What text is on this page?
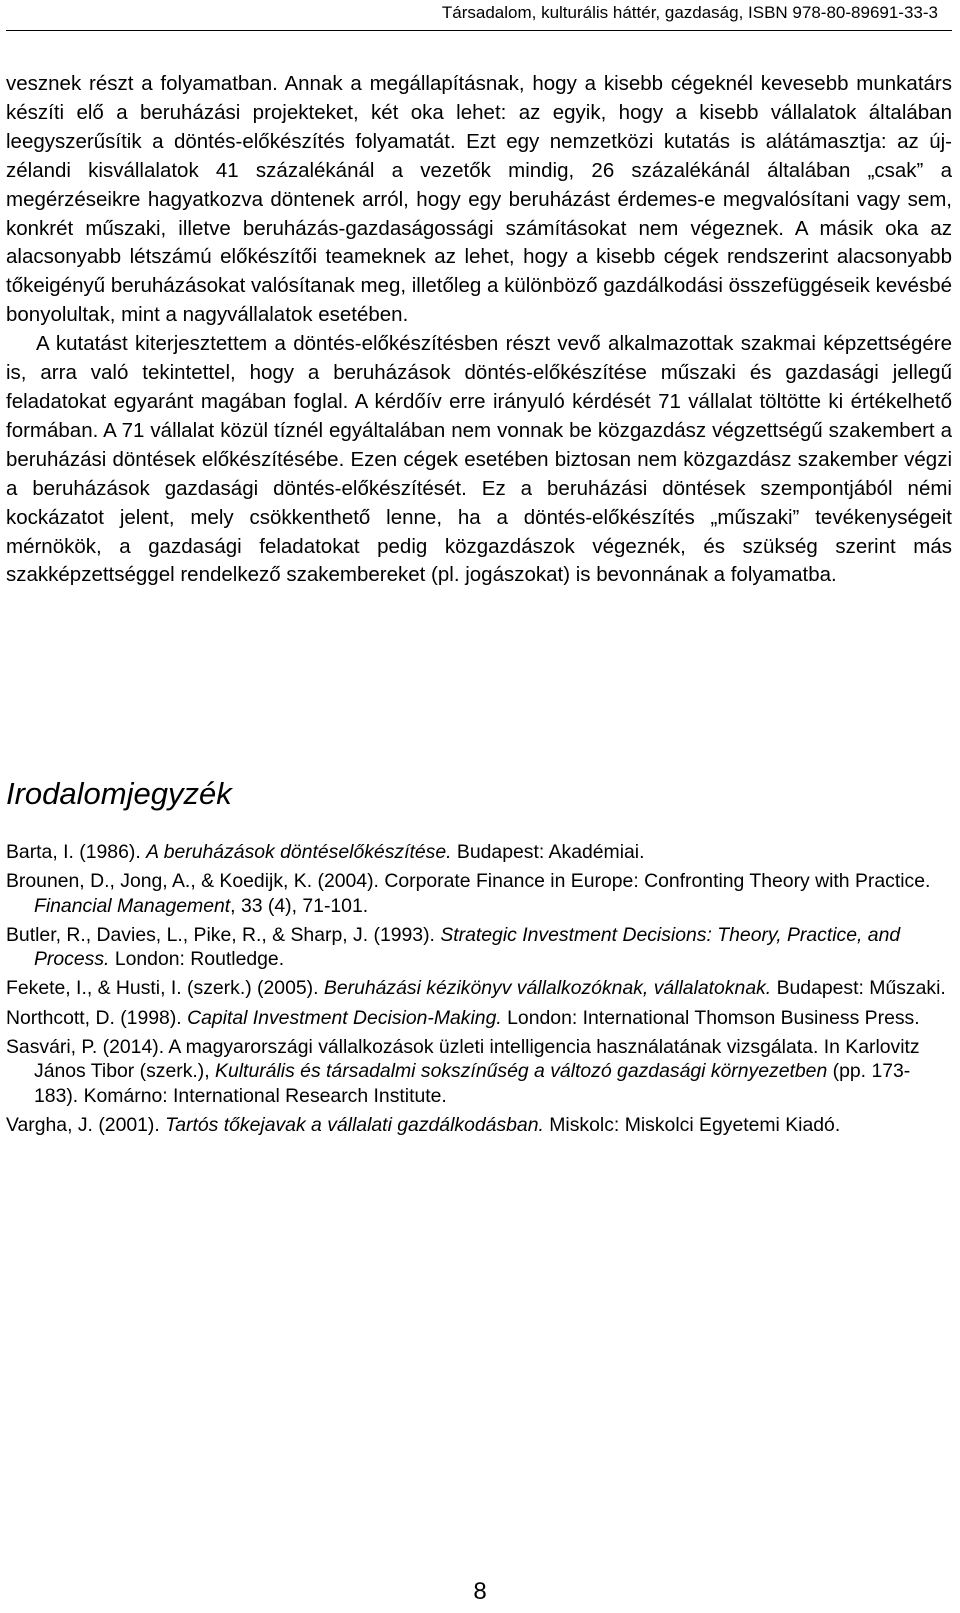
Társadalom, kulturális háttér, gazdaság, ISBN 978-80-89691-33-3

vesznek részt a folyamatban. Annak a megállapításnak, hogy a kisebb cégeknél kevesebb munkatárs készíti elő a beruházási projekteket, két oka lehet: az egyik, hogy a kisebb vállalatok általában leegyszerűsítik a döntés-előkészítés folyamatát. Ezt egy nemzetközi kutatás is alátámasztja: az új-zélandi kisvállalatok 41 százalékánál a vezetők mindig, 26 százalékánál általában „csak” a megérzéseikre hagyatkozva döntenek arról, hogy egy beruházást érdemes-e megvalósítani vagy sem, konkrét műszaki, illetve beruházás-gazdaságossági számításokat nem végeznek. A másik oka az alacsonyabb létszámú előkészítői teameknek az lehet, hogy a kisebb cégek rendszerint alacsonyabb tőkeigényű beruházásokat valósítanak meg, illetőleg a különböző gazdálkodási összefüggéseik kevésbé bonyolultak, mint a nagyvállalatok esetében.

A kutatást kiterjesztettem a döntés-előkészítésben részt vevő alkalmazottak szakmai képzettségére is, arra való tekintettel, hogy a beruházások döntés-előkészítése műszaki és gazdasági jellegű feladatokat egyaránt magában foglal. A kérdőív erre irányuló kérdését 71 vállalat töltötte ki értékelhető formában. A 71 vállalat közül tíznél egyáltalában nem vonnak be közgazdász végzettségű szakembert a beruházási döntések előkészítésébe. Ezen cégek esetében biztosan nem közgazdász szakember végzi a beruházások gazdasági döntés-előkészítését. Ez a beruházási döntések szempontjából némi kockázatot jelent, mely csökkenthető lenne, ha a döntés-előkészítés „műszaki” tevékenységeit mérnökök, a gazdasági feladatokat pedig közgazdászok végeznék, és szükség szerint más szakképzettséggel rendelkező szakembereket (pl. jogászokat) is bevonnának a folyamatba.

Irodalomjegyzék

Barta, I. (1986). A beruházások döntéselőkészítése. Budapest: Akadémiai.

Brounen, D., Jong, A., & Koedijk, K. (2004). Corporate Finance in Europe: Confronting Theory with Practice. Financial Management, 33 (4), 71-101.

Butler, R., Davies, L., Pike, R., & Sharp, J. (1993). Strategic Investment Decisions: Theory, Practice, and Process. London: Routledge.

Fekete, I., & Husti, I. (szerk.) (2005). Beruházási kézikönyv vállalkozóknak, vállalatoknak. Budapest: Műszaki.

Northcott, D. (1998). Capital Investment Decision-Making. London: International Thomson Business Press.

Sasvári, P. (2014). A magyarországi vállalkozások üzleti intelligencia használatának vizsgálata. In Karlovitz János Tibor (szerk.), Kulturális és társadalmi sokszínűség a változó gazdasági környezetben (pp. 173-183). Komárno: International Research Institute.

Vargha, J. (2001). Tartós tőkejavak a vállalati gazdálkodásban. Miskolc: Miskolci Egyetemi Kiadó.

8
